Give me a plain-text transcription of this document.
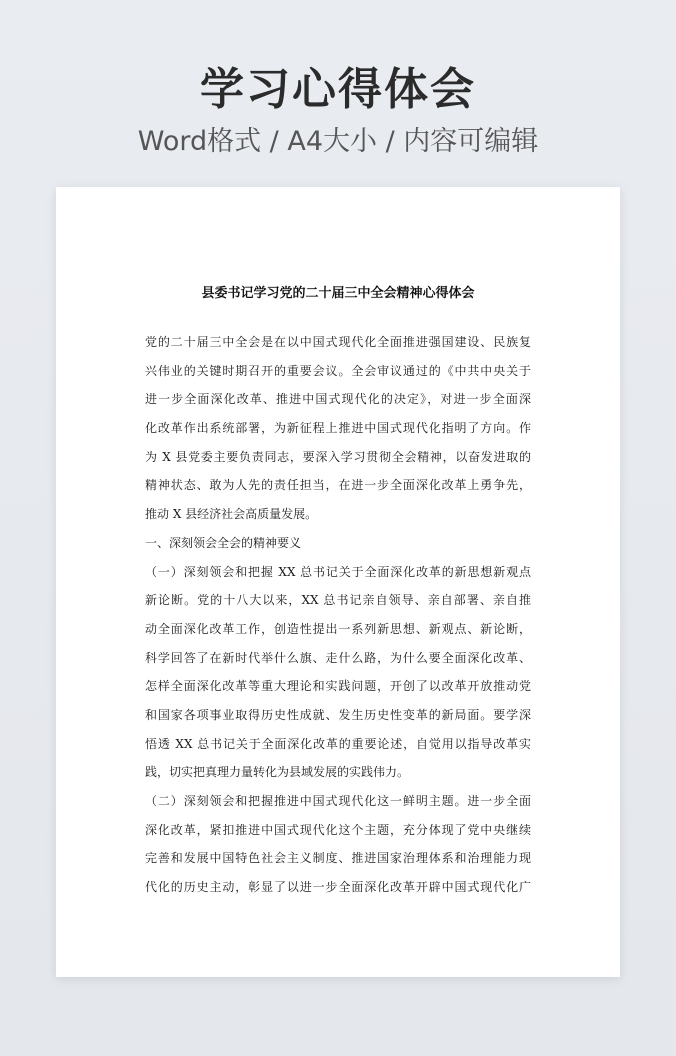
学习心得体会
Word格式 / A4大小 / 内容可编辑
县委书记学习党的二十届三中全会精神心得体会
党的二十届三中全会是在以中国式现代化全面推进强国建设、民族复
兴伟业的关键时期召开的重要会议。全会审议通过的《中共中央关于
进一步全面深化改革、推进中国式现代化的决定》，对进一步全面深
化改革作出系统部署，为新征程上推进中国式现代化指明了方向。作
为 X 县党委主要负责同志，要深入学习贯彻全会精神，以奋发进取的
精神状态、敢为人先的责任担当，在进一步全面深化改革上勇争先，
推动 X 县经济社会高质量发展。
一、深刻领会全会的精神要义
（一）深刻领会和把握 XX 总书记关于全面深化改革的新思想新观点
新论断。党的十八大以来，XX 总书记亲自领导、亲自部署、亲自推
动全面深化改革工作，创造性提出一系列新思想、新观点、新论断，
科学回答了在新时代举什么旗、走什么路，为什么要全面深化改革、
怎样全面深化改革等重大理论和实践问题，开创了以改革开放推动党
和国家各项事业取得历史性成就、发生历史性变革的新局面。要学深
悟透 XX 总书记关于全面深化改革的重要论述，自觉用以指导改革实
践，切实把真理力量转化为县域发展的实践伟力。
（二）深刻领会和把握推进中国式现代化这一鲜明主题。进一步全面
深化改革，紧扣推进中国式现代化这个主题，充分体现了党中央继续
完善和发展中国特色社会主义制度、推进国家治理体系和治理能力现
代化的历史主动，彰显了以进一步全面深化改革开辟中国式现代化广
